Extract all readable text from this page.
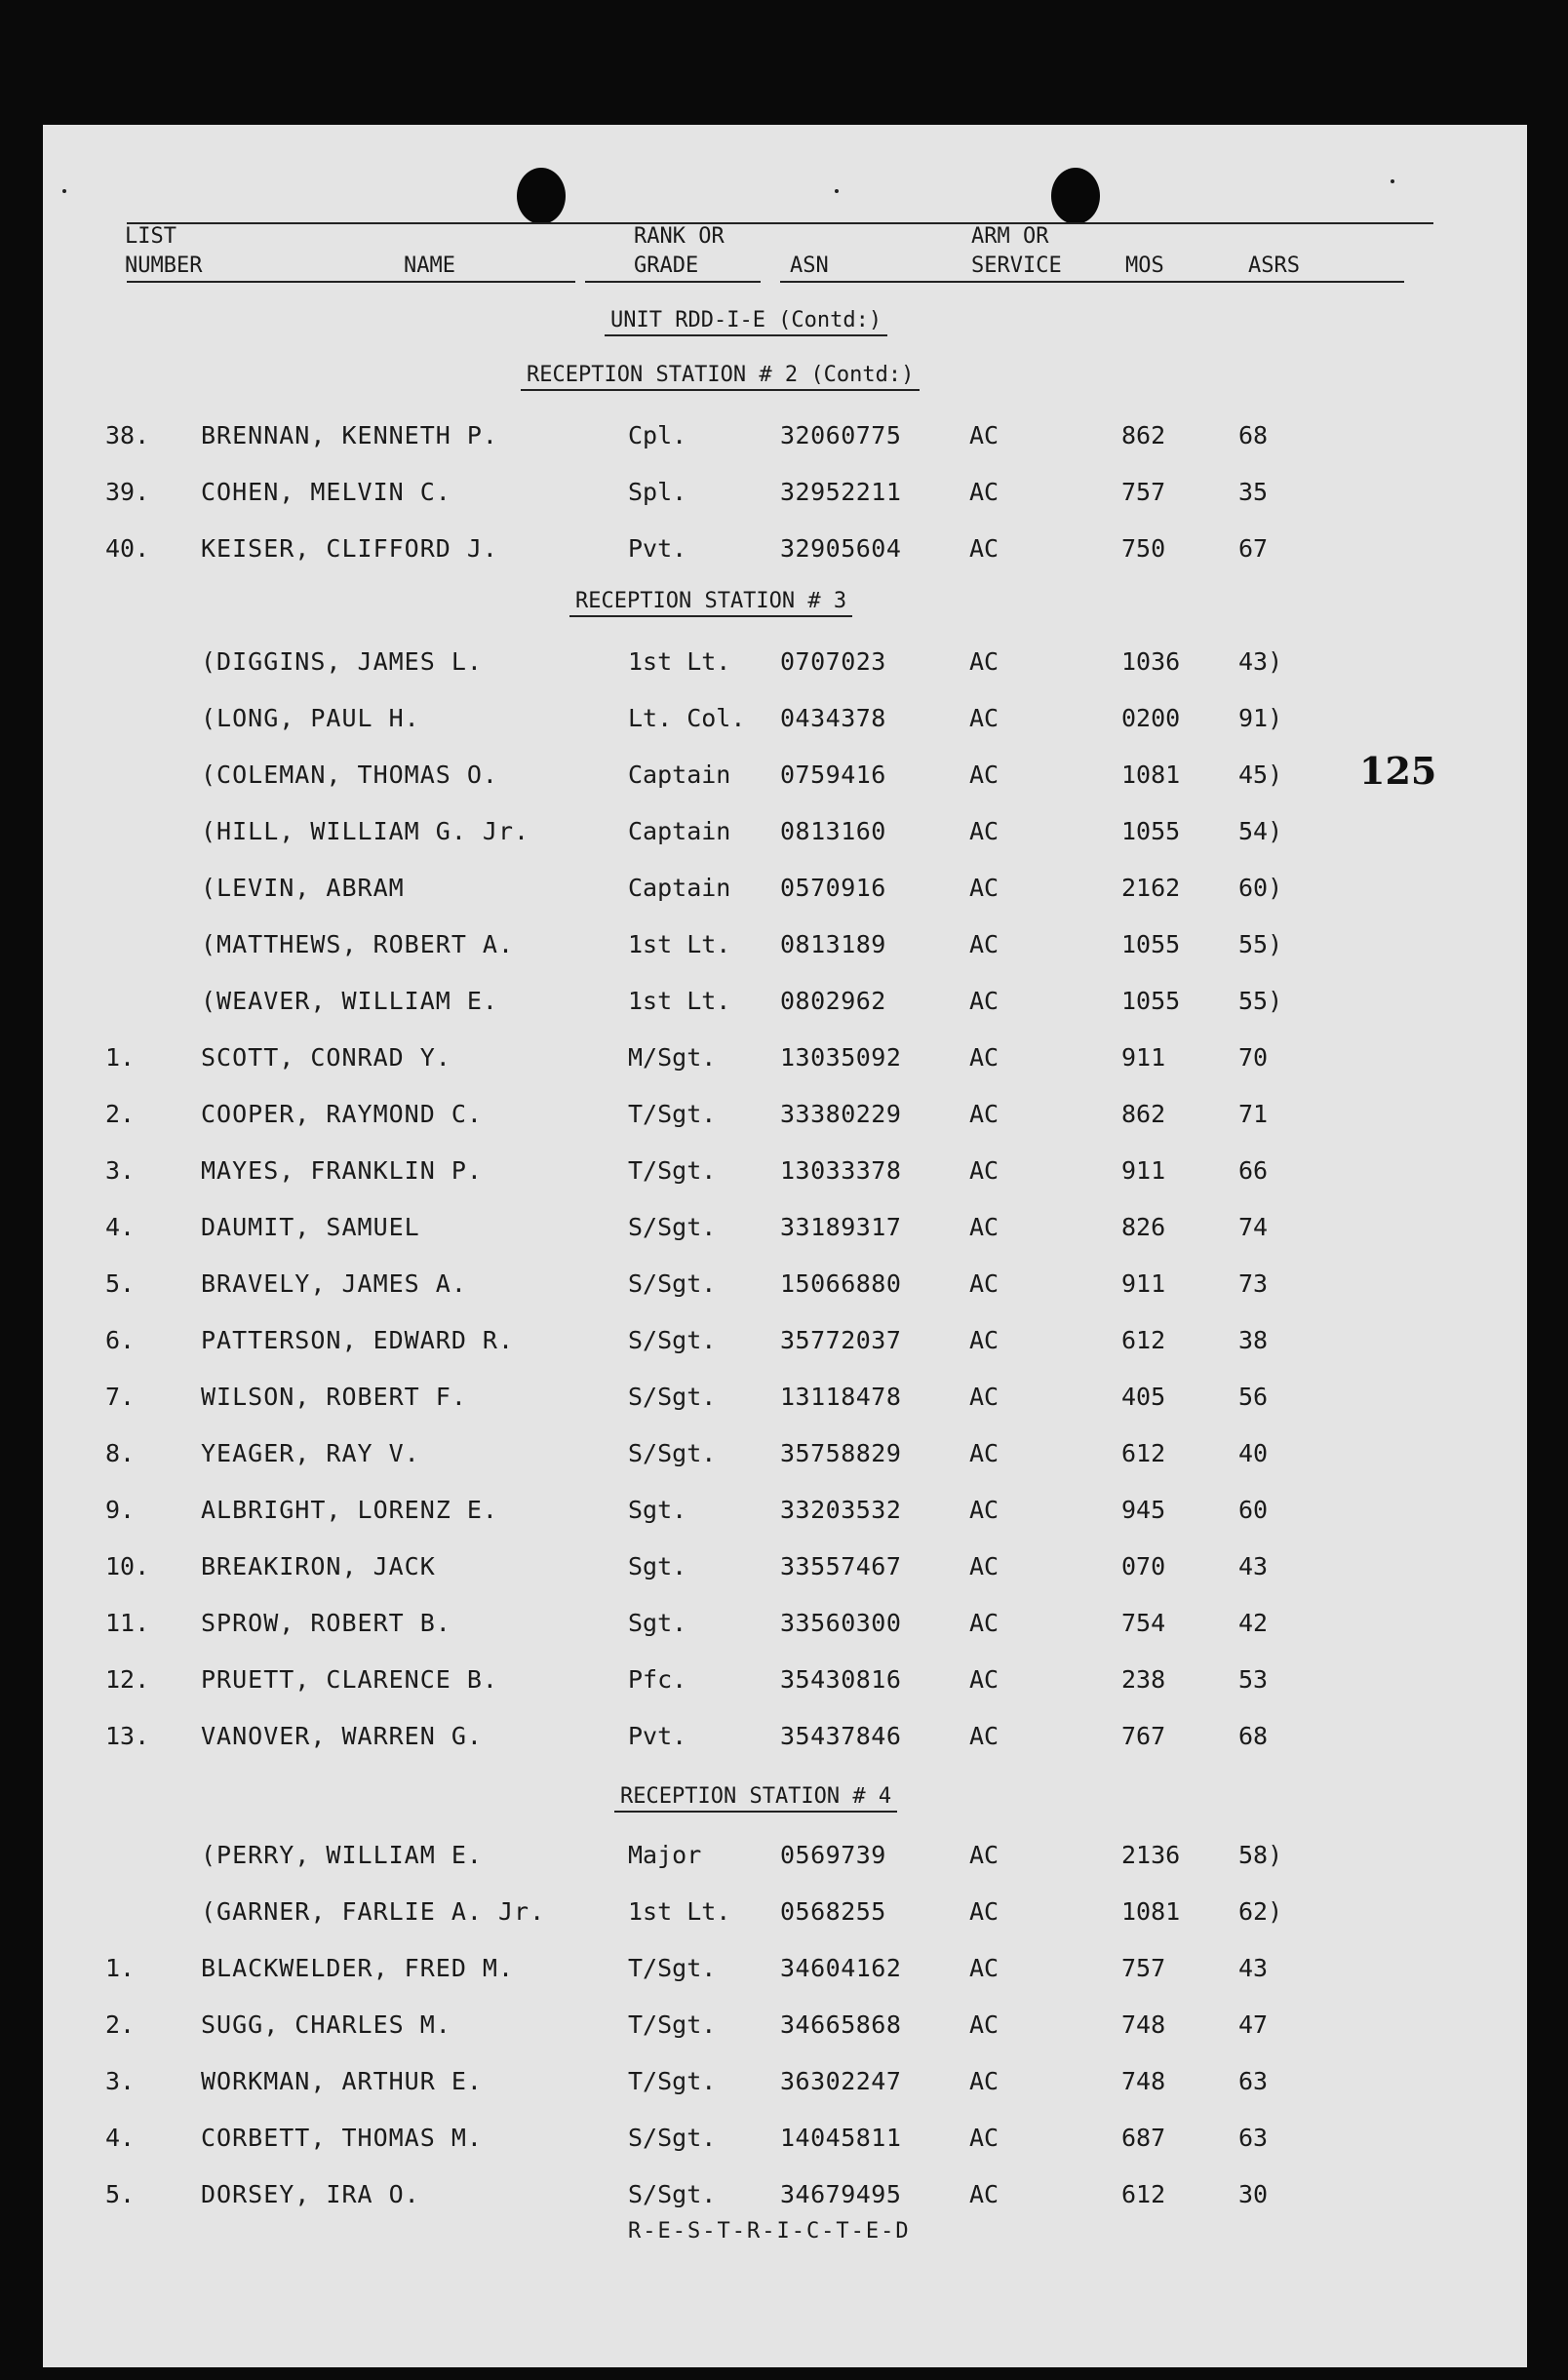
LIST
NUMBER	NAME
RANK OR
GRADE	ASN
ARM OR
SERVICE	MOS	ASRS
UNIT RDD-I-E (Contd:)
RECEPTION STATION # 2 (Contd:)
38. BRENNAN, KENNETH P.	Cpl.	32060775	AC	862	68
39. COHEN, MELVIN C.	Spl.	32952211	AC	757	35
40. KEISER, CLIFFORD J.	Pvt.	32905604	AC	750	67
RECEPTION STATION # 3
(DIGGINS, JAMES L.	1st Lt. 0707023	AC	1036 43)
(LONG, PAUL H.	Lt. Col. 0434378	AC	0200 91)
(COLEMAN, THOMAS O.	Captain 0759416	AC	1081 45)
(HILL, WILLIAM G. Jr.	Captain 0813160	AC	1055 54)
(LEVIN, ABRAM	Captain 0570916	AC	2162 60)
(MATTHEWS, ROBERT A.	1st Lt. 0813189	AC	1055 55)
(WEAVER, WILLIAM E.	1st Lt. 0802962	AC	1055 55)
1.	SCOTT, CONRAD Y.	M/Sgt.	13035092	AC	911	70
2.	COOPER, RAYMOND C.	T/Sgt.	33380229	AC	862	71
3.	MAYES, FRANKLIN P.	T/Sgt.	13033378	AC	911	66
4.	DAUMIT, SAMUEL	S/Sgt.	33189317	AC	826	74
5.	BRAVELY, JAMES A.	S/Sgt.	15066880	AC	911	73
6.	PATTERSON, EDWARD R.	S/Sgt.	35772037	AC	612	38
7.	WILSON, ROBERT F.	S/Sgt.	13118478	AC	405	56
8.	YEAGER, RAY V.	S/Sgt.	35758829	AC	612	40
9.	ALBRIGHT, LORENZ E.	Sgt.	33203532	AC	945	60
10. BREAKIRON, JACK	Sgt.	33557467	AC	070	43
11. SPROW, ROBERT B.	Sgt.	33560300	AC	754	42
12. PRUETT, CLARENCE B.	Pfc.	35430816	AC	238	53
13. VANOVER, WARREN G.	Pvt.	35437846	AC	767	68
RECEPTION STATION # 4
(PERRY, WILLIAM E.	Major	0569739	AC	2136 58)
(GARNER, FARLIE A. Jr.	1st Lt. 0568255	AC	1081 62)
1.	BLACKWELDER, FRED M.	T/Sgt.	34604162	AC	757	43
2.	SUGG, CHARLES M.	T/Sgt.	34665868	AC	748	47
3.	WORKMAN, ARTHUR E.	T/Sgt.	36302247	AC	748	63
4.	CORBETT, THOMAS M.	S/Sgt.	14045811	AC	687	63
5.	DORSEY, IRA O.	S/Sgt.	34679495	AC	612	30
125
R-E-S-T-R-I-C-T-E-D
